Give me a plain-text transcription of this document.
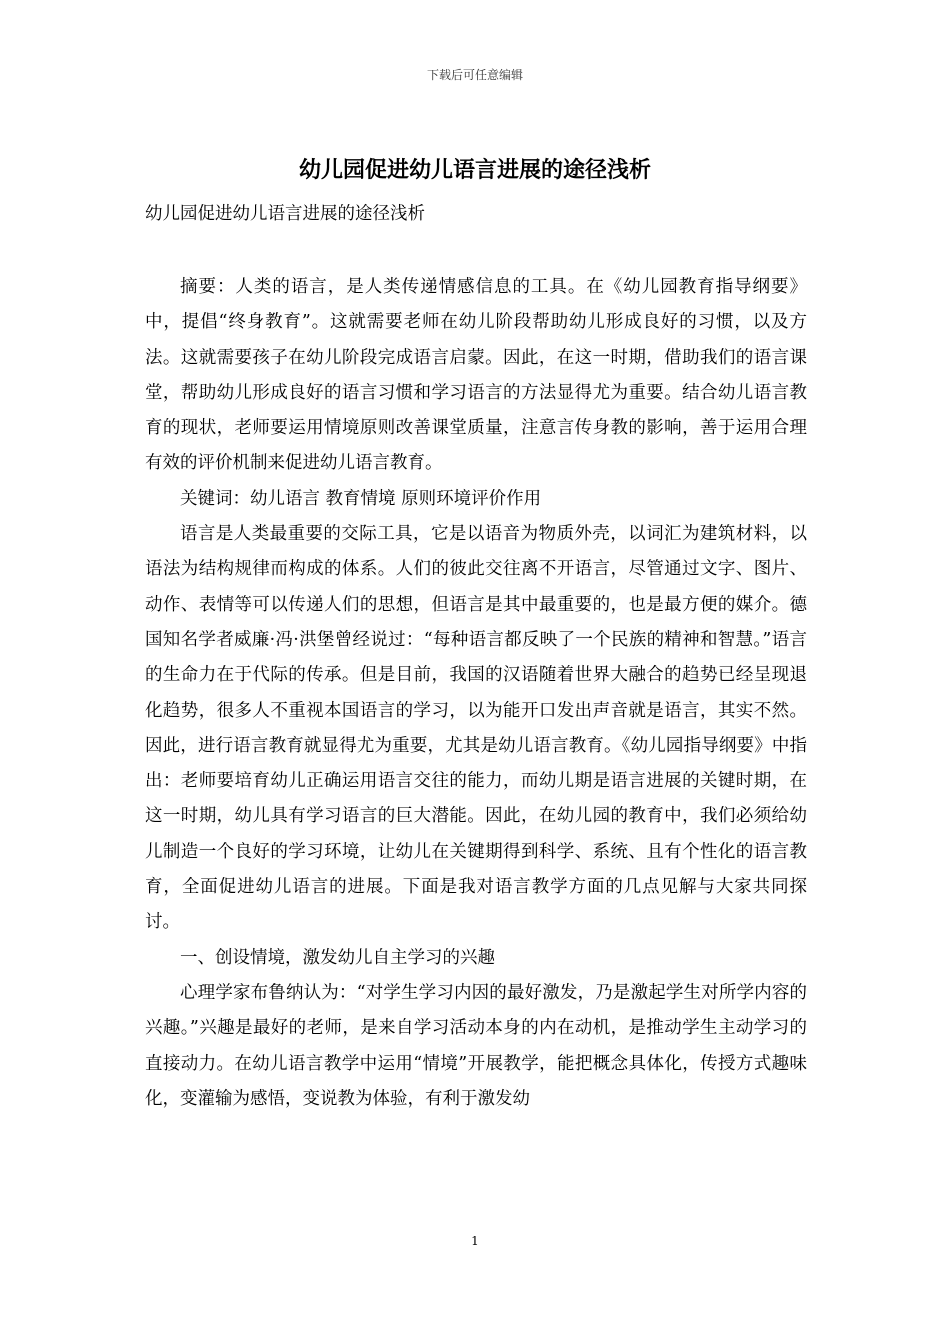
下载后可任意编辑
幼儿园促进幼儿语言进展的途径浅析
幼儿园促进幼儿语言进展的途径浅析

摘要：人类的语言，是人类传递情感信息的工具。在《幼儿园教育指导纲要》中，提倡“终身教育”。这就需要老师在幼儿阶段帮助幼儿形成良好的习惯，以及方法。这就需要孩子在幼儿阶段完成语言启蒙。因此，在这一时期，借助我们的语言课堂，帮助幼儿形成良好的语言习惯和学习语言的方法显得尤为重要。结合幼儿语言教育的现状，老师要运用情境原则改善课堂质量，注意言传身教的影响，善于运用合理有效的评价机制来促进幼儿语言教育。

关键词：幼儿语言 教育情境 原则环境评价作用

语言是人类最重要的交际工具，它是以语音为物质外壳，以词汇为建筑材料，以语法为结构规律而构成的体系。人们的彼此交往离不开语言，尽管通过文字、图片、动作、表情等可以传递人们的思想，但语言是其中最重要的，也是最方便的媒介。德国知名学者威廉·冯·洪堡曾经说过：“每种语言都反映了一个民族的精神和智慧。”语言的生命力在于代际的传承。但是目前，我国的汉语随着世界大融合的趋势已经呈现退化趋势，很多人不重视本国语言的学习，以为能开口发出声音就是语言，其实不然。因此，进行语言教育就显得尤为重要，尤其是幼儿语言教育。《幼儿园指导纲要》中指出：老师要培育幼儿正确运用语言交往的能力，而幼儿期是语言进展的关键时期，在这一时期，幼儿具有学习语言的巨大潜能。因此，在幼儿园的教育中，我们必须给幼儿制造一个良好的学习环境，让幼儿在关键期得到科学、系统、且有个性化的语言教育，全面促进幼儿语言的进展。下面是我对语言教学方面的几点见解与大家共同探讨。

一、创设情境，激发幼儿自主学习的兴趣

心理学家布鲁纳认为：“对学生学习内因的最好激发，乃是激起学生对所学内容的兴趣。”兴趣是最好的老师，是来自学习活动本身的内在动机，是推动学生主动学习的直接动力。在幼儿语言教学中运用“情境”开展教学，能把概念具体化，传授方式趣味化，变灌输为感悟，变说教为体验，有利于激发幼

1
